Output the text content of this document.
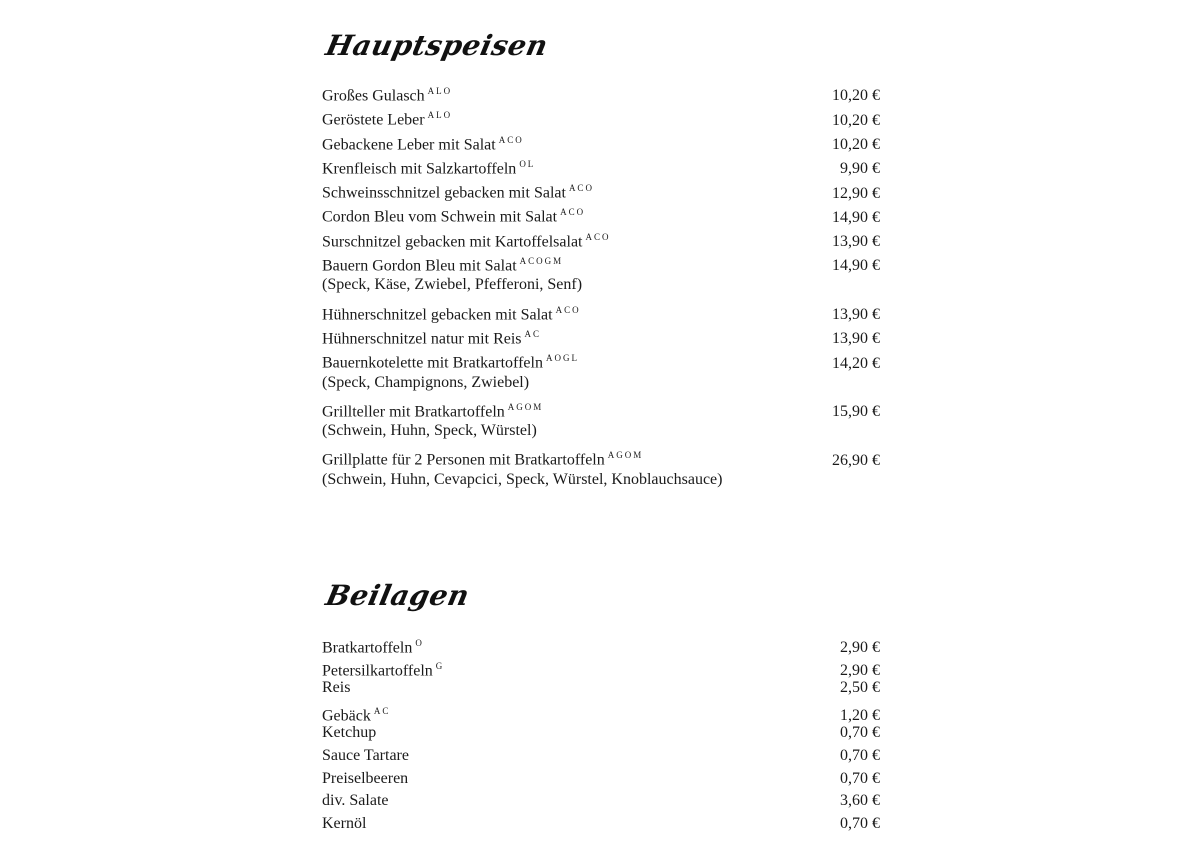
Hauptspeisen
Großes Gulasch $^{ALO}$	10,20 €
Geröstete Leber $^{ALO}$	10,20 €
Gebackene Leber mit Salat $^{ACO}$	10,20 €
Krenfleisch mit Salzkartoffeln $^{OL}$	9,90 €
Schweinsschnitzel gebacken mit Salat $^{ACO}$	12,90 €
Cordon Bleu vom Schwein mit Salat $^{ACO}$	14,90 €
Surschnitzel gebacken mit Kartoffelsalat $^{ACO}$	13,90 €
Bauern Gordon Bleu mit Salat $^{ACOGM}$	14,90 €
(Speck, Käse, Zwiebel, Pfefferoni, Senf)
Hühnerschnitzel gebacken mit Salat $^{ACO}$	13,90 €
Hühnerschnitzel natur mit Reis $^{AC}$	13,90 €
Bauernkotelette mit Bratkartoffeln $^{AOGL}$	14,20 €
(Speck, Champignons, Zwiebel)
Grillteller mit Bratkartoffeln $^{AGOM}$	15,90 €
(Schwein, Huhn, Speck, Würstel)
Grillplatte für 2 Personen mit Bratkartoffeln $^{AGOM}$	26,90 €
(Schwein, Huhn, Cevapcici, Speck, Würstel, Knoblauchsauce)
Beilagen
Bratkartoffeln $^O$	2,90 €
Petersilkartoffeln $^G$	2,90 €
Reis	2,50 €
Gebäck $^{AC}$	1,20 €
Ketchup	0,70 €
Sauce Tartare	0,70 €
Preiselbeeren	0,70 €
div. Salate	3,60 €
Kernöl	0,70 €
